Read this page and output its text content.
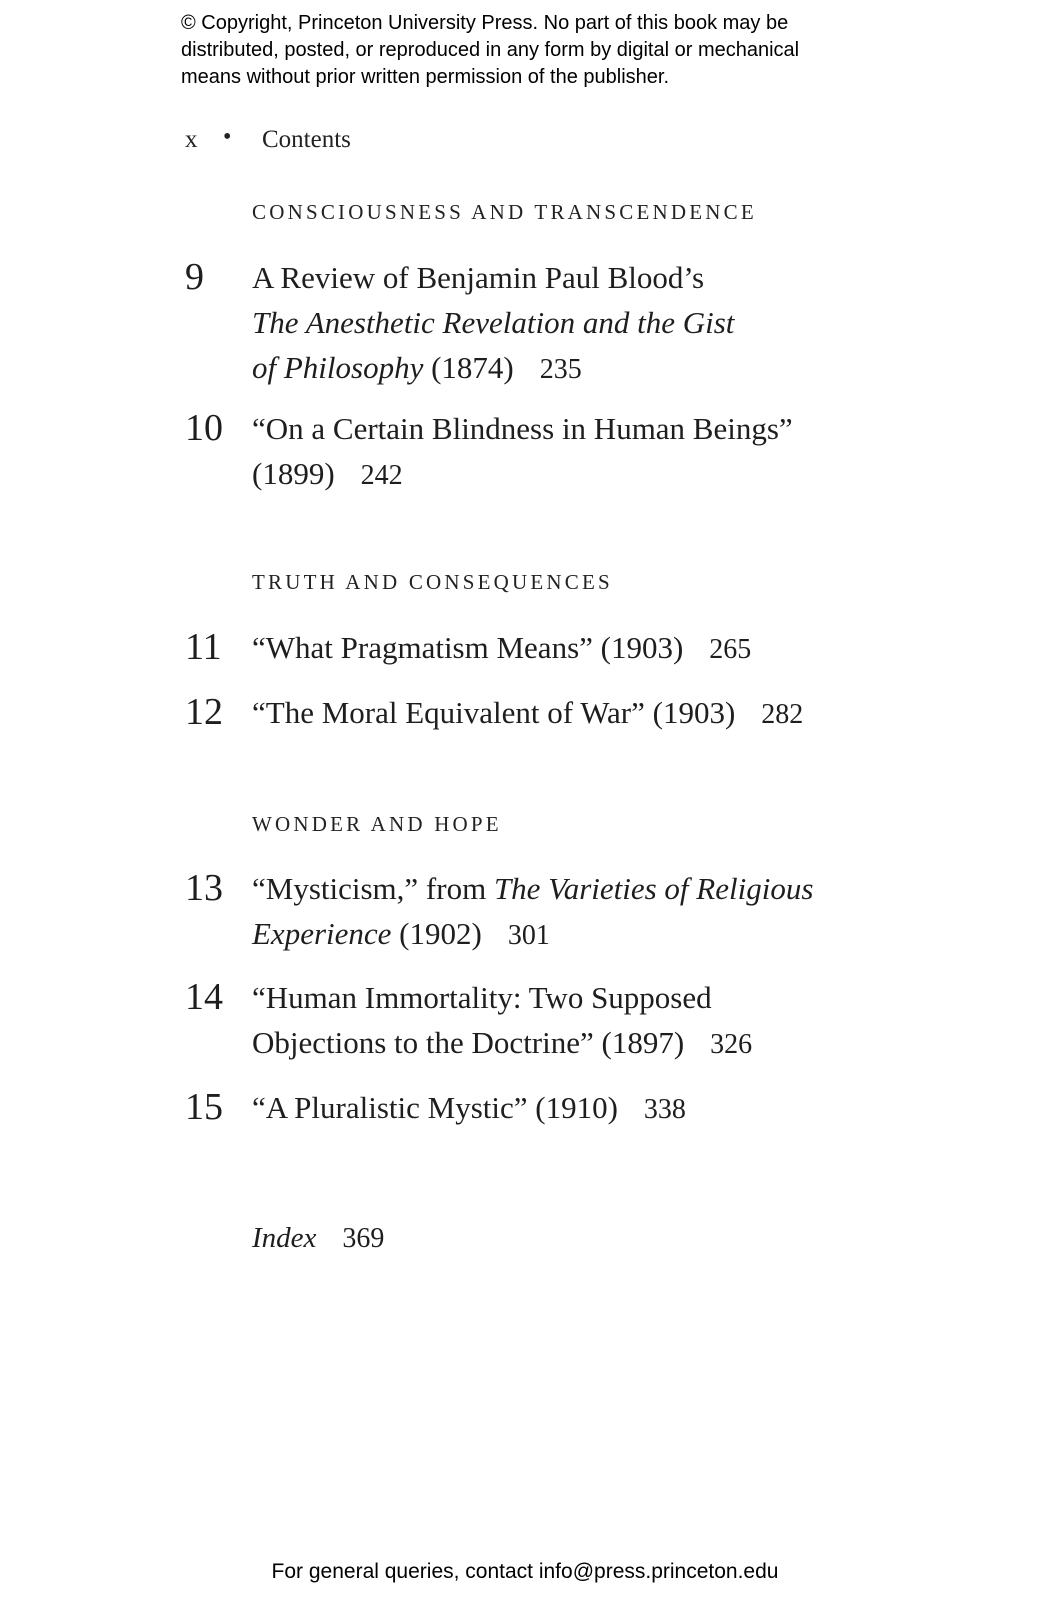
© Copyright, Princeton University Press. No part of this book may be
distributed, posted, or reproduced in any form by digital or mechanical
means without prior written permission of the publisher.
x • Contents
CONSCIOUSNESS AND TRANSCENDENCE
9 A Review of Benjamin Paul Blood’s
The Anesthetic Revelation and the Gist
of Philosophy (1874) 235
10 “On a Certain Blindness in Human Beings”
(1899) 242
TRUTH AND CONSEQUENCES
11 “What Pragmatism Means” (1903) 265
12 “The Moral Equivalent of War” (1903) 282
WONDER AND HOPE
13 “Mysticism,” from The Varieties of Religious
Experience (1902) 301
14 “Human Immortality: Two Supposed
Objections to the Doctrine” (1897) 326
15 “A Pluralistic Mystic” (1910) 338
Index 369
For general queries, contact info@press.princeton.edu
